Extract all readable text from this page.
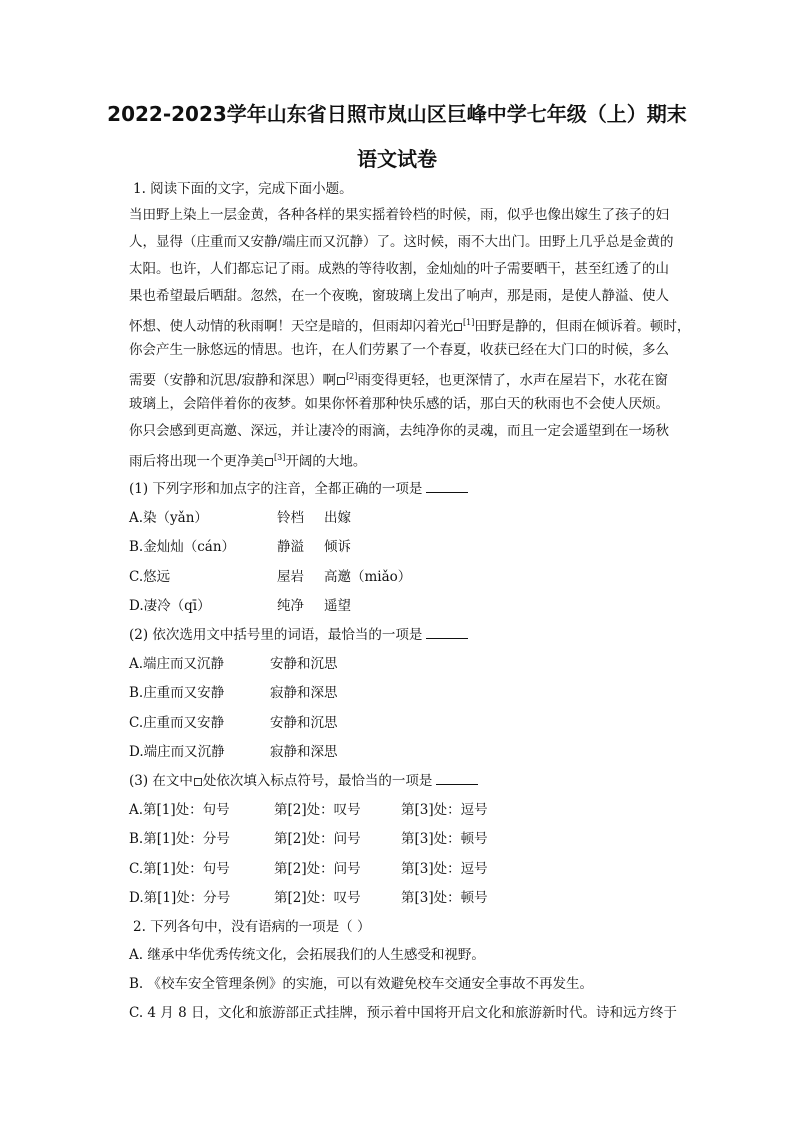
2022-2023学年山东省日照市岚山区巨峰中学七年级（上）期末
语文试卷
1. 阅读下面的文字，完成下面小题。
当田野上染上一层金黄，各种各样的果实摇着铃档的时候，雨，似乎也像出嫁生了孩子的妇
人，显得（庄重而又安静/端庄而又沉静）了。这时候，雨不大出门。田野上几乎总是金黄的
太阳。也许，人们都忘记了雨。成熟的等待收割，金灿灿的叶子需要晒干，甚至红透了的山
果也希望最后晒甜。忽然，在一个夜晚，窗玻璃上发出了响声，那是雨，是使人静溢、使人
怀想、使人动情的秋雨啊！天空是暗的，但雨却闪着光 [1]田野是静的，但雨在倾诉着。顿时，
你会产生一脉悠远的情思。也许，在人们劳累了一个春夏，收获已经在大门口的时候，多么
需要（安静和沉思/寂静和深思）啊 [2]雨变得更轻，也更深情了，水声在屋岩下，水花在窗
玻璃上，会陪伴着你的夜梦。如果你怀着那种快乐感的话，那白天的秋雨也不会使人厌烦。
你只会感到更高邀、深远，并让凄冷的雨滴，去纯净你的灵魂，而且一定会遥望到在一场秋
雨后将出现一个更净美 [3]开阔的大地。
(1) 下列字形和加点字的注音，全都正确的一项是
A.染（yǎn）	铃档 出嫁
B.金灿灿（cán）	静溢 倾诉
C.悠远	屋岩 高邀（miǎo）
D.凄冷（qī）	纯净 遥望
(2) 依次选用文中括号里的词语，最恰当的一项是
A.端庄而又沉静	安静和沉思
B.庄重而又安静	寂静和深思
C.庄重而又安静	安静和沉思
D.端庄而又沉静	寂静和深思
(3) 在文中 处依次填入标点符号，最恰当的一项是
A.第[1]处：句号	第[2]处：叹号	第[3]处：逗号
B.第[1]处：分号	第[2]处：问号	第[3]处：顿号
C.第[1]处：句号	第[2]处：问号	第[3]处：逗号
D.第[1]处：分号	第[2]处：叹号	第[3]处：顿号
2. 下列各句中，没有语病的一项是（ ）
A. 继承中华优秀传统文化，会拓展我们的人生感受和视野。
B. 《校车安全管理条例》的实施，可以有效避免校车交通安全事故不再发生。
C. 4 月 8 日，文化和旅游部正式挂牌，预示着中国将开启文化和旅游新时代。诗和远方终于
